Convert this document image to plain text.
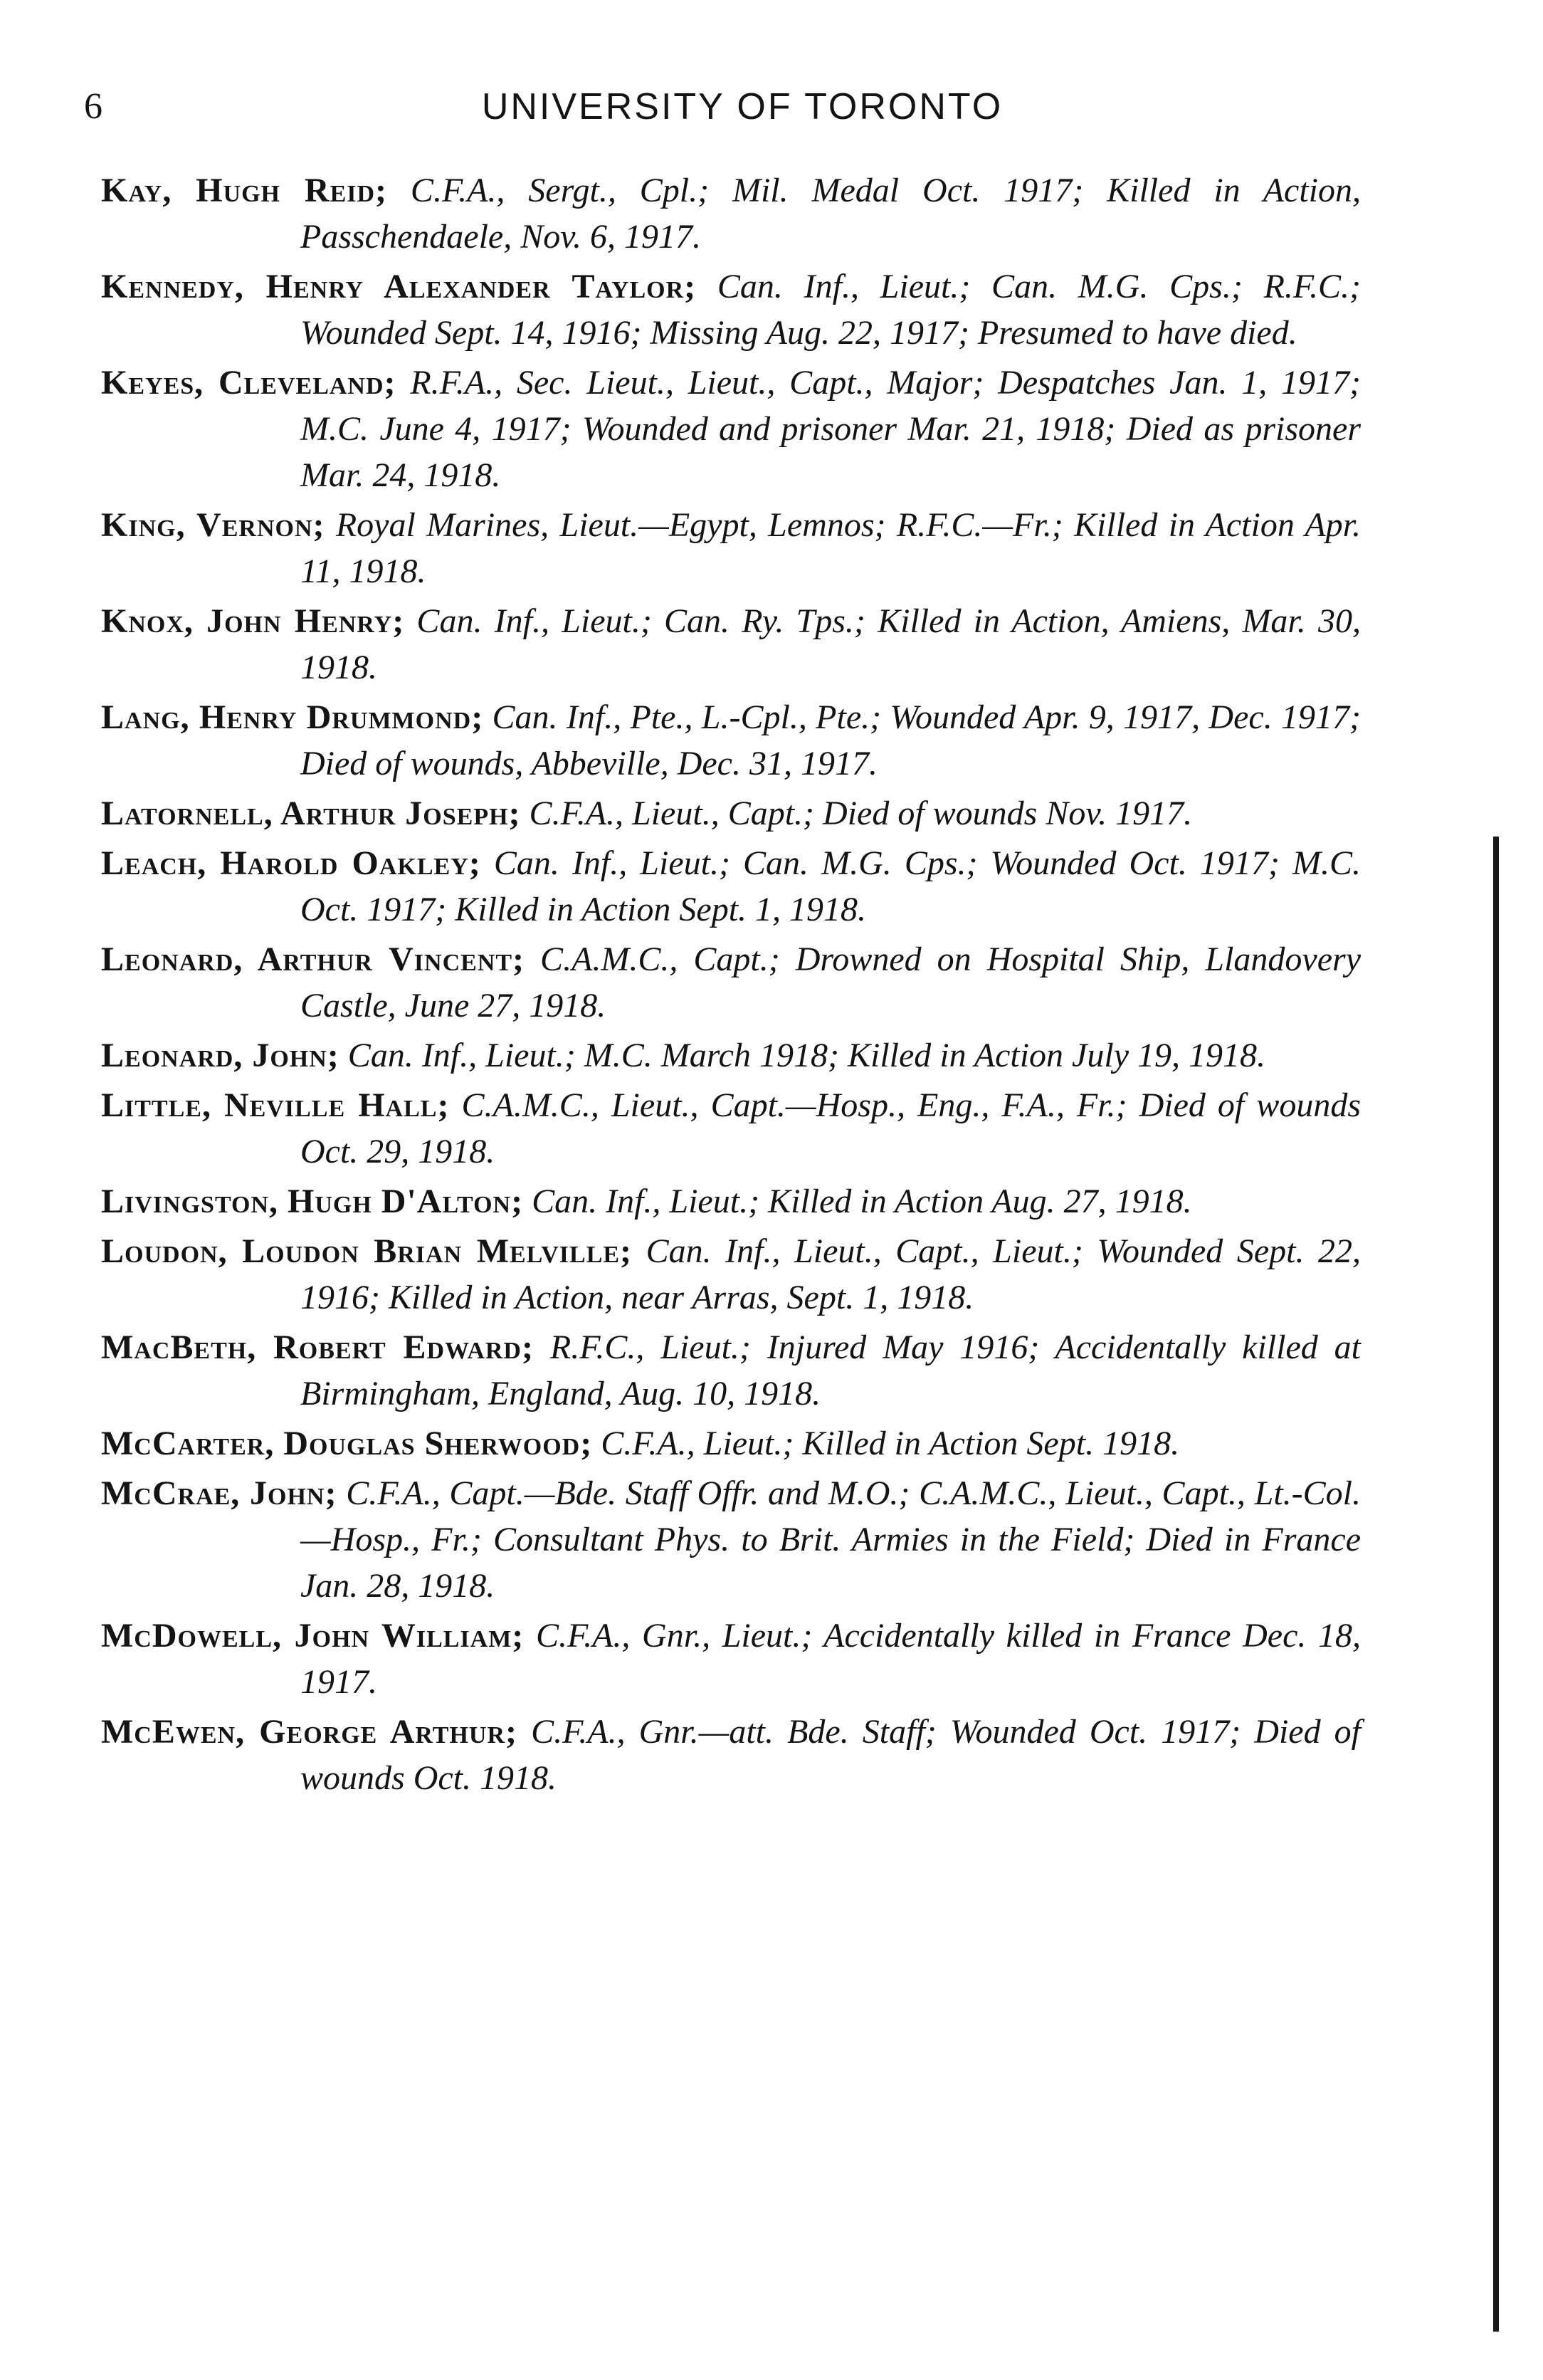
6	UNIVERSITY OF TORONTO

Kay, Hugh Reid; C.F.A., Sergt., Cpl.; Mil. Medal Oct. 1917; Killed in Action, Passchendaele, Nov. 6, 1917.

Kennedy, Henry Alexander Taylor; Can. Inf., Lieut.; Can. M.G. Cps.; R.F.C.; Wounded Sept. 14, 1916; Missing Aug. 22, 1917; Presumed to have died.

Keyes, Cleveland; R.F.A., Sec. Lieut., Lieut., Capt., Major; Despatches Jan. 1, 1917; M.C. June 4, 1917; Wounded and prisoner Mar. 21, 1918; Died as prisoner Mar. 24, 1918.

King, Vernon; Royal Marines, Lieut.—Egypt, Lemnos; R.F.C.—Fr.; Killed in Action Apr. 11, 1918.

Knox, John Henry; Can. Inf., Lieut.; Can. Ry. Tps.; Killed in Action, Amiens, Mar. 30, 1918.

Lang, Henry Drummond; Can. Inf., Pte., L.-Cpl., Pte.; Wounded Apr. 9, 1917, Dec. 1917; Died of wounds, Abbeville, Dec. 31, 1917.

Latornell, Arthur Joseph; C.F.A., Lieut., Capt.; Died of wounds Nov. 1917.

Leach, Harold Oakley; Can. Inf., Lieut.; Can. M.G. Cps.; Wounded Oct. 1917; M.C. Oct. 1917; Killed in Action Sept. 1, 1918.

Leonard, Arthur Vincent; C.A.M.C., Capt.; Drowned on Hospital Ship, Llandovery Castle, June 27, 1918.

Leonard, John; Can. Inf., Lieut.; M.C. March 1918; Killed in Action July 19, 1918.

Little, Neville Hall; C.A.M.C., Lieut., Capt.—Hosp., Eng., F.A., Fr.; Died of wounds Oct. 29, 1918.

Livingston, Hugh D'Alton; Can. Inf., Lieut.; Killed in Action Aug. 27, 1918.

Loudon, Loudon Brian Melville; Can. Inf., Lieut., Capt., Lieut.; Wounded Sept. 22, 1916; Killed in Action, near Arras, Sept. 1, 1918.

MacBeth, Robert Edward; R.F.C., Lieut.; Injured May 1916; Accidentally killed at Birmingham, England, Aug. 10, 1918.

McCarter, Douglas Sherwood; C.F.A., Lieut.; Killed in Action Sept. 1918.

McCrae, John; C.F.A., Capt.—Bde. Staff Offr. and M.O.; C.A.M.C., Lieut., Capt., Lt.-Col.—Hosp., Fr.; Consultant Phys. to Brit. Armies in the Field; Died in France Jan. 28, 1918.

McDowell, John William; C.F.A., Gnr., Lieut.; Accidentally killed in France Dec. 18, 1917.

McEwen, George Arthur; C.F.A., Gnr.—att. Bde. Staff; Wounded Oct. 1917; Died of wounds Oct. 1918.
